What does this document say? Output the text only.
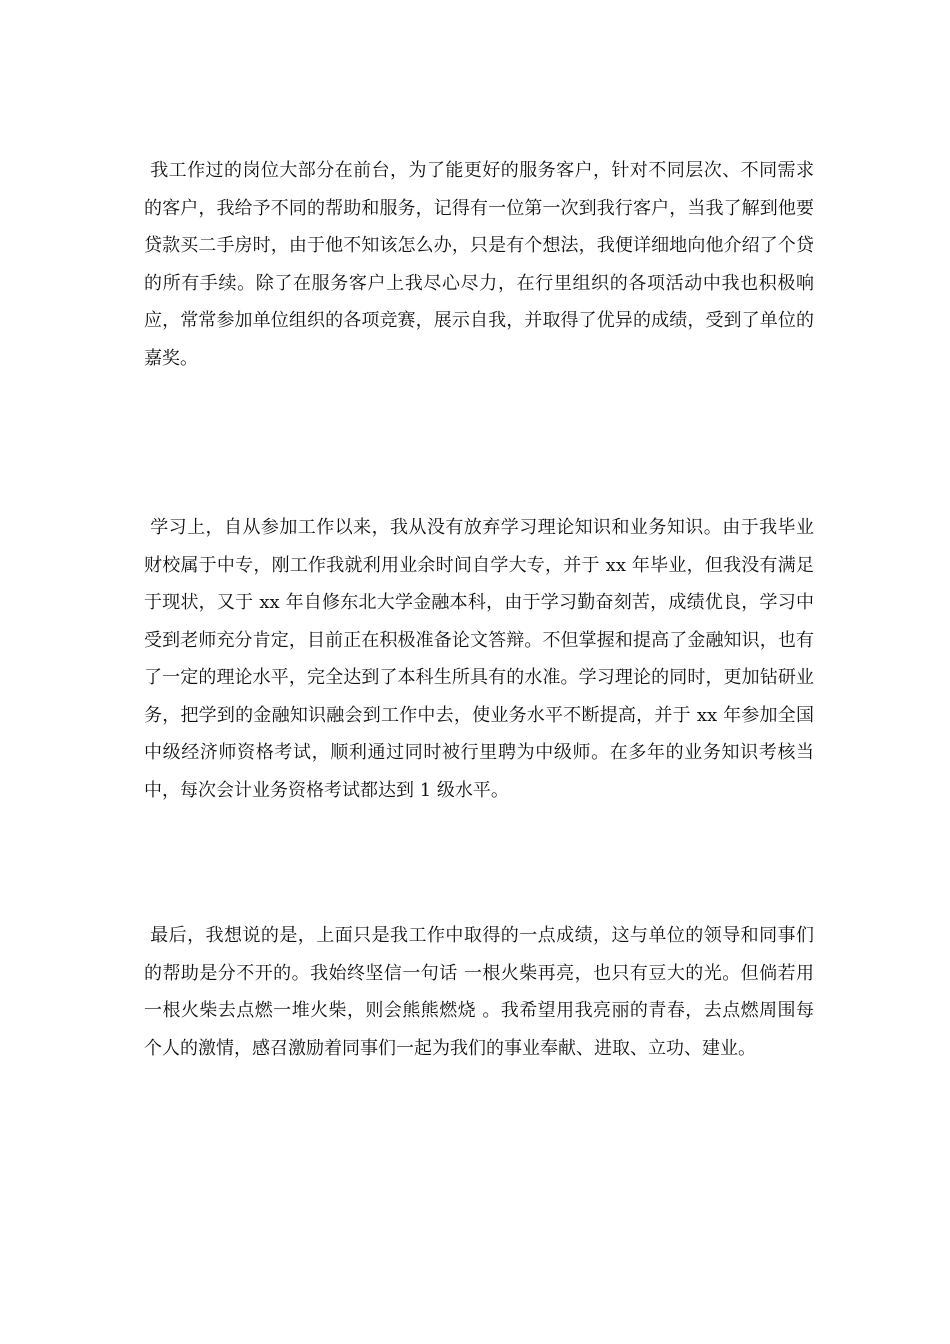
我工作过的岗位大部分在前台，为了能更好的服务客户，针对不同层次、不同需求的客户，我给予不同的帮助和服务，记得有一位第一次到我行客户，当我了解到他要贷款买二手房时，由于他不知该怎么办，只是有个想法，我便详细地向他介绍了个贷的所有手续。除了在服务客户上我尽心尽力，在行里组织的各项活动中我也积极响应，常常参加单位组织的各项竞赛，展示自我，并取得了优异的成绩，受到了单位的嘉奖。

学习上，自从参加工作以来，我从没有放弃学习理论知识和业务知识。由于我毕业财校属于中专，刚工作我就利用业余时间自学大专，并于 xx 年毕业，但我没有满足于现状，又于 xx 年自修东北大学金融本科，由于学习勤奋刻苦，成绩优良，学习中受到老师充分肯定，目前正在积极准备论文答辩。不但掌握和提高了金融知识，也有了一定的理论水平，完全达到了本科生所具有的水准。学习理论的同时，更加钻研业务，把学到的金融知识融会到工作中去，使业务水平不断提高，并于 xx 年参加全国中级经济师资格考试，顺利通过同时被行里聘为中级师。在多年的业务知识考核当中，每次会计业务资格考试都达到 1 级水平。

最后，我想说的是，上面只是我工作中取得的一点成绩，这与单位的领导和同事们的帮助是分不开的。我始终坚信一句话 一根火柴再亮，也只有豆大的光。但倘若用一根火柴去点燃一堆火柴，则会熊熊燃烧 。我希望用我亮丽的青春，去点燃周围每个人的激情，感召激励着同事们一起为我们的事业奉献、进取、立功、建业。
